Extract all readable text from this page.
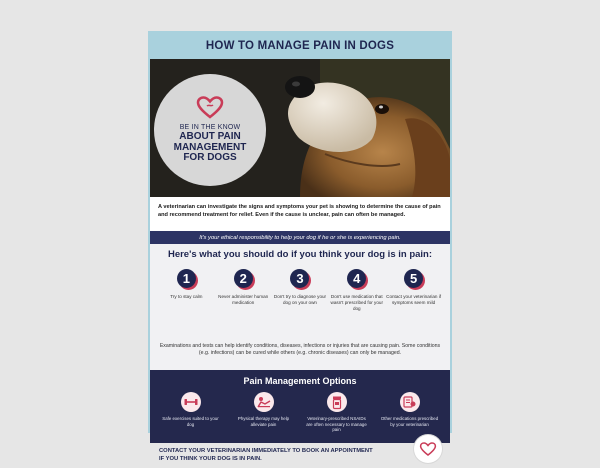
HOW TO MANAGE PAIN IN DOGS
BE IN THE KNOW
ABOUT PAIN MANAGEMENT FOR DOGS
A veterinarian can investigate the signs and symptoms your pet is showing to determine the cause of pain and recommend treatment for relief. Even if the cause is unclear, pain can often be managed.
It's your ethical responsibility to help your dog if he or she is experiencing pain.
Here's what you should do if you think your dog is in pain:
1
Try to stay calm
2
Never administer human medication
3
Don't try to diagnose your dog on your own
4
Don't use medication that wasn't prescribed for your dog
5
Contact your veterinarian if symptoms seem mild
Examinations and tests can help identify conditions, diseases, infections or injuries that are causing pain. Some conditions (e.g. infections) can be cured while others (e.g. chronic diseases) can only be managed.
Pain Management Options
Safe exercises suited to your dog
Physical therapy may help alleviate pain
Veterinary-prescribed NSAIDs are often necessary to manage pain
Other medications prescribed by your veterinarian
CONTACT YOUR VETERINARIAN IMMEDIATELY TO BOOK AN APPOINTMENT
IF YOU THINK YOUR DOG IS IN PAIN.
